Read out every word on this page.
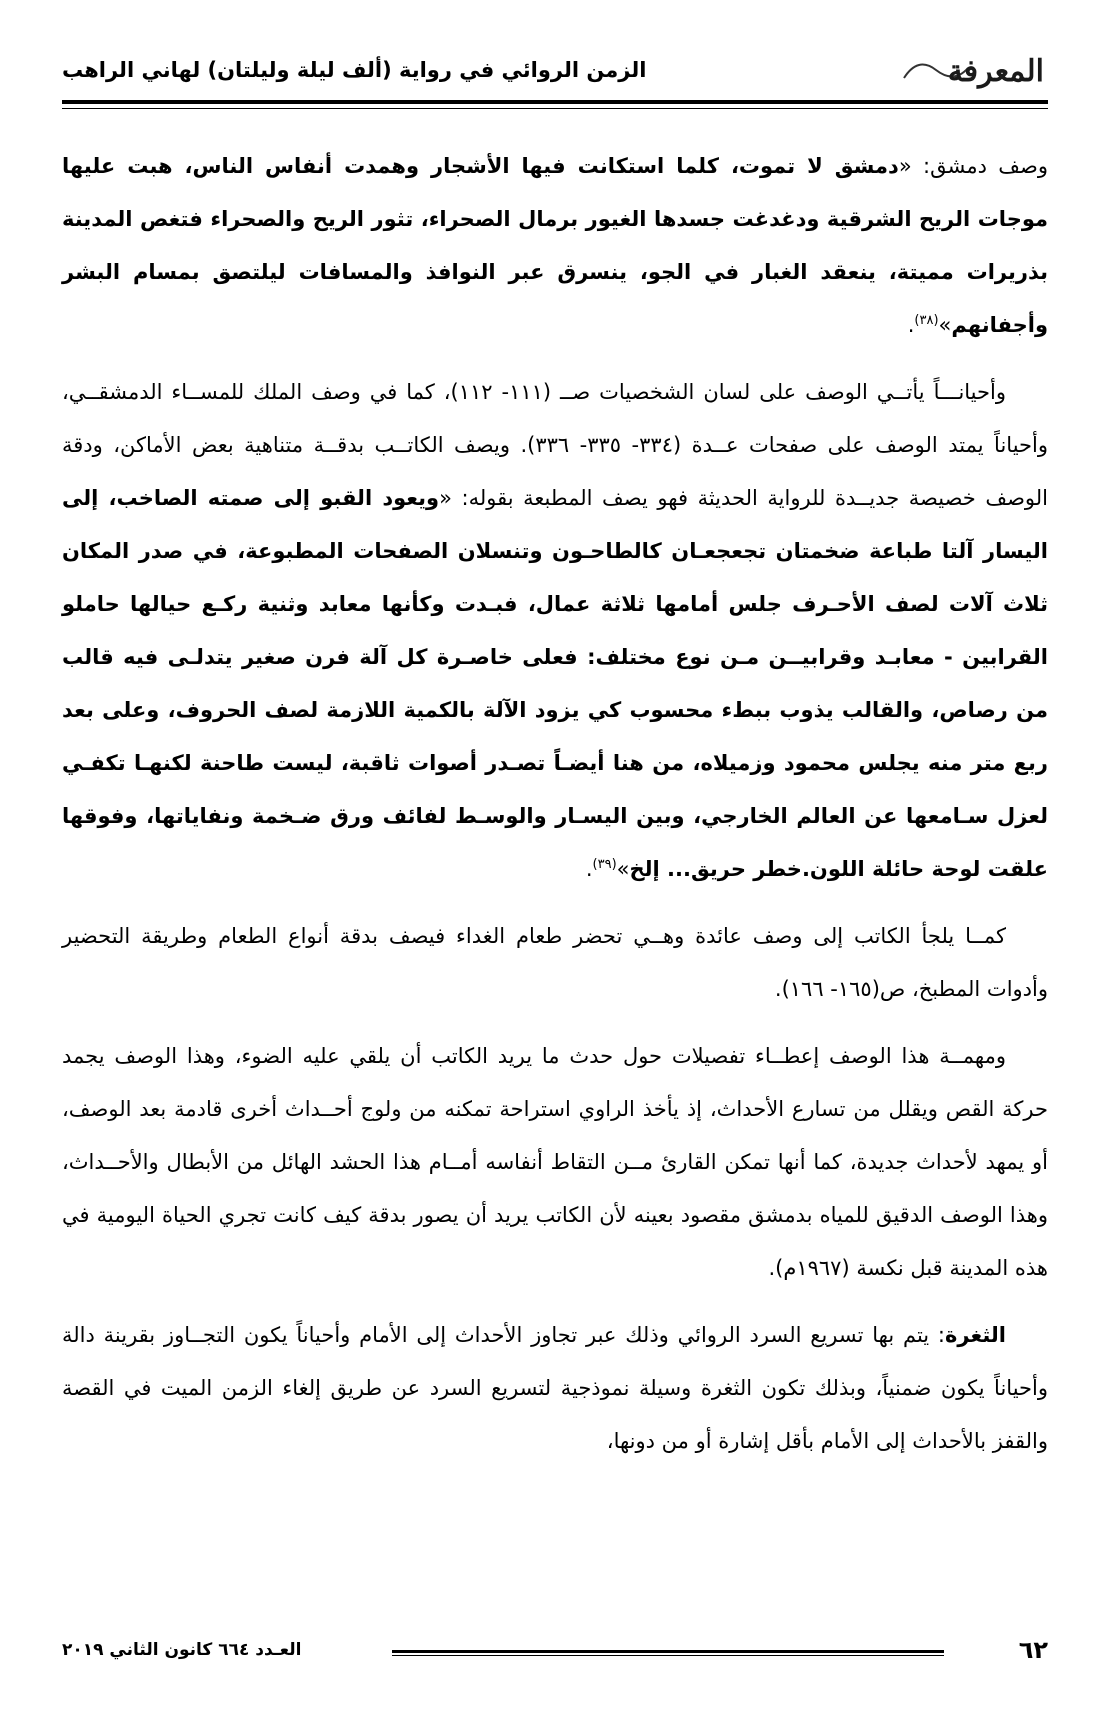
المعرفة
الزمن الروائي في رواية (ألف ليلة وليلتان) لهاني الراهب

وصف دمشق: «دمشق لا تموت، كلما استكانت فيها الأشجار وهمدت أنفاس الناس، هبت عليها موجات الريح الشرقية ودغدغت جسدها الغيور برمال الصحراء، تثور الريح والصحراء فتغص المدينة بذريرات مميتة، ينعقد الغبار في الجو، ينسرق عبر النوافذ والمسافات ليلتصق بمسام البشر وأجفانهم»$^{(٣٨)}$.

وأحيانـــاً يأتــي الوصف على لسان الشخصيات صــ (١١١- ١١٢)، كما في وصف الملك للمســاء الدمشقــي، وأحياناً يمتد الوصف على صفحات عــدة (٣٣٤- ٣٣٥- ٣٣٦). ويصف الكاتــب بدقــة متناهية بعض الأماكن، ودقة الوصف خصيصة جديــدة للرواية الحديثة فهو يصف المطبعة بقوله: «ويعود القبو إلى صمته الصاخب، إلى اليسار آلتا طباعة ضخمتان تجعجعـان كالطاحـون وتنسلان الصفحات المطبوعة، في صدر المكان ثلاث آلات لصف الأحـرف جلس أمامها ثلاثة عمال، فبـدت وكأنها معابد وثنية ركـع حيالها حاملو القرابين - معابـد وقرابيــن مـن نوع مختلف: فعلى خاصـرة كل آلة فرن صغير يتدلـى فيه قالب من رصاص، والقالب يذوب ببطء محسوب كي يزود الآلة بالكمية اللازمة لصف الحروف، وعلى بعد ربع متر منه يجلس محمود وزميلاه، من هنا أيضـاً تصـدر أصوات ثاقبة، ليست طاحنة لكنهـا تكفـي لعزل سـامعها عن العالم الخارجي، وبين اليسـار والوسـط لفائف ورق ضـخمة ونفاياتها، وفوقها علقت لوحة حائلة اللون.خطر حريق... إلخ»$^{(٣٩)}$.

كمــا يلجأ الكاتب إلى وصف عائدة وهــي تحضر طعام الغداء فيصف بدقة أنواع الطعام وطريقة التحضير وأدوات المطبخ، ص(١٦٥- ١٦٦).

ومهمــة هذا الوصف إعطــاء تفصيلات حول حدث ما يريد الكاتب أن يلقي عليه الضوء، وهذا الوصف يجمد حركة القص ويقلل من تسارع الأحداث، إذ يأخذ الراوي استراحة تمكنه من ولوج أحــداث أخرى قادمة بعد الوصف، أو يمهد لأحداث جديدة، كما أنها تمكن القارئ مــن التقاط أنفاسه أمــام هذا الحشد الهائل من الأبطال والأحــداث، وهذا الوصف الدقيق للمياه بدمشق مقصود بعينه لأن الكاتب يريد أن يصور بدقة كيف كانت تجري الحياة اليومية في هذه المدينة قبل نكسة (١٩٦٧م).

الثغرة: يتم بها تسريع السرد الروائي وذلك عبر تجاوز الأحداث إلى الأمام وأحياناً يكون التجــاوز بقرينة دالة وأحياناً يكون ضمنياً، وبذلك تكون الثغرة وسيلة نموذجية لتسريع السرد عن طريق إلغاء الزمن الميت في القصة والقفز بالأحداث إلى الأمام بأقل إشارة أو من دونها،

٦٢
العـدد ٦٦٤ كانون الثاني ٢٠١٩
